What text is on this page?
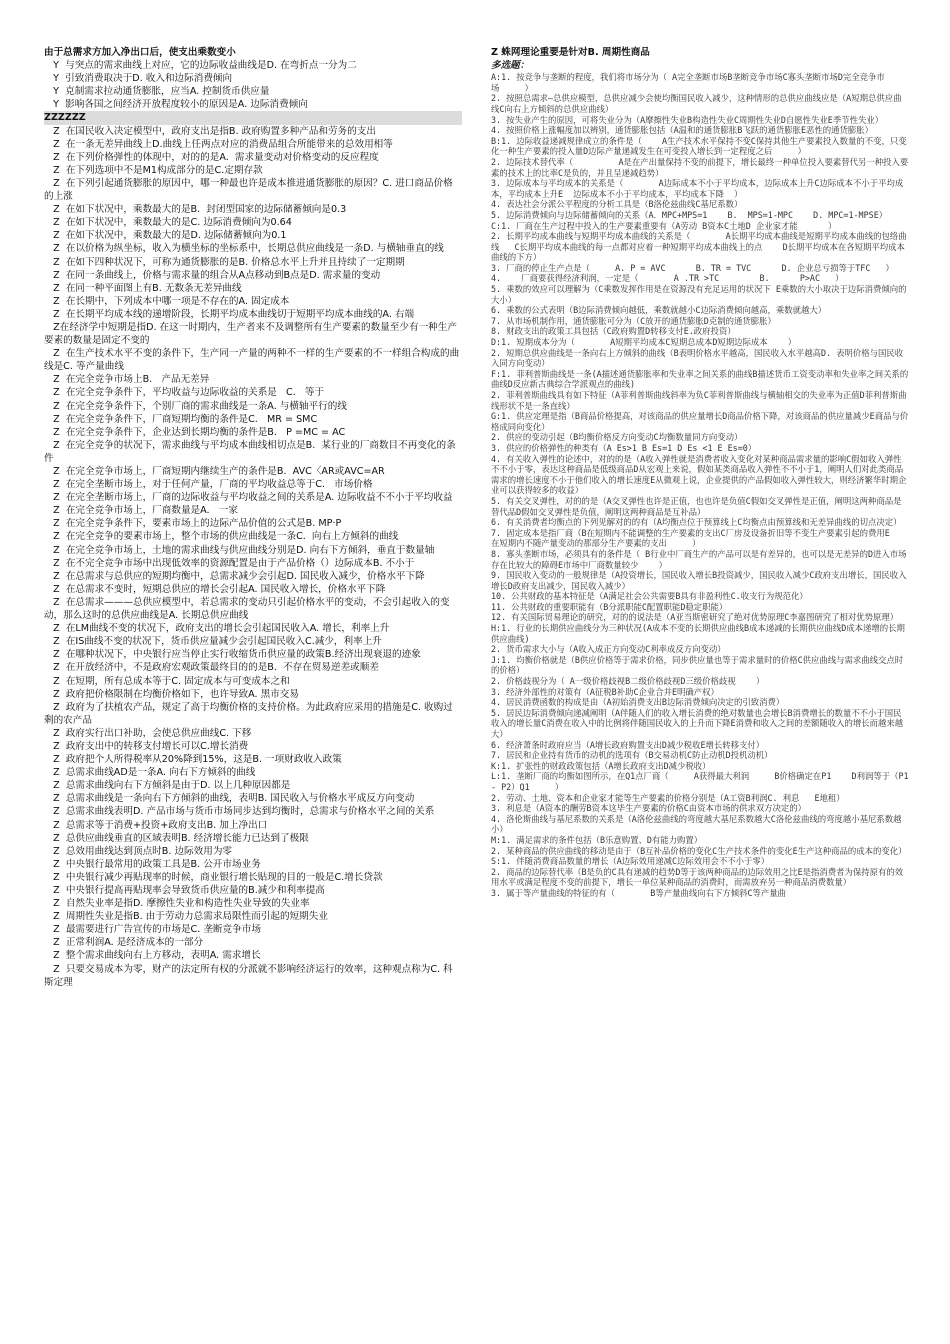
由于总需求方加入净出口后，使支出乘数变小
Y  与突点的需求曲线上对应，它的边际收益曲线是D. 在弯折点一分为二
Y  引致消费取决于D. 收入和边际消费倾向
Y  克制需求拉动通货膨胀，应当A. 控制货币供应量
Y  影响各国之间经济开放程度较小的原因是A. 边际消费倾向
ZZZZZZ
Z  在国民收入决定模型中，政府支出是指B. 政府购置多种产品和劳务的支出
Z  在一条无差异曲线上D.曲线上任两点对应的消费品组合所能带来的总效用相等
Z  在下列价格弹性的体现中，对的的是A.  需求量变动对价格变动的反应程度
Z  在下列选项中不是M1构成部分的是C.定期存款
Z  在下列引起通货膨胀的原因中，哪一种最也许是成本推进通货膨胀的原因？C. 进口商品价格的上涨
Z  在如下状况中，乘数最大的是B.  封闭型国家的边际储蓄倾向是0.3
Z  在如下状况中，乘数最大的是C. 边际消费倾向为0.64
Z  在如下状况中，乘数最大的是D. 边际储蓄倾向为0.1
Z  在以价格为纵坐标，收入为横坐标的坐标系中，长期总供应曲线是一条D. 与横轴垂直的线
Z  在如下四种状况下，可称为通货膨胀的是B. 价格总水平上升并且持续了一定期期
Z  在同一条曲线上，价格与需求量的组合从A点移动到B点是D. 需求量的变动
Z  在同一种平面图上有B. 无数条无差异曲线
Z  在长期中，下列成本中哪一项是不存在的A. 固定成本
Z  在长期平均成本线的递增阶段，长期平均成本曲线切于短期平均成本曲线的A. 右端
Z在经济学中短期是指D. 在这一时期内，生产者来不及调整所有生产要素的数量至少有一种生产要素的数量是固定不变的
Z  在生产技术水平不变的条件下，生产同一产量的两种不一样的生产要素的不一样组合构成的曲线是C. 等产量曲线
Z  在完全竞争市场上B.   产品无差异
Z  在完全竞争条件下，平均收益与边际收益的关系是   C.   等于
Z  在完全竞争条件下，个别厂商的需求曲线是一条A. 与横轴平行的线
Z  在完全竞争条件下，厂商短期均衡的条件是C.   MR = SMC
Z  在完全竞争条件下，企业达到长期均衡的条件是B.   P =MC = AC
Z  在完全竞争的状况下，需求曲线与平均成本曲线相切点是B.  某行业的厂商数目不再变化的条件
Z  在完全竞争市场上，厂商短期内继续生产的条件是B.  AVC〈AR或AVC=AR
Z  在完全垄断市场上，对于任何产量，厂商的平均收益总等于C.   市场价格
Z  在完全垄断市场上，厂商的边际收益与平均收益之间的关系是A. 边际收益不不小于平均收益
Z  在完全竞争市场上，厂商数量是A.   一家
Z  在完全竞争条件下，要素市场上的边际产品价值的公式是B. MP·P
Z  在完全竞争的要素市场上，整个市场的供应曲线是一条C.  向右上方倾斜的曲线
Z  在完全竞争市场上，土地的需求曲线与供应曲线分别是D. 向右下方倾斜，垂直于数量轴
Z  在不完全竞争市场中出现低效率的资源配置是由于产品价格（）边际成本B. 不小于
Z  在总需求与总供应的短期均衡中，总需求减少会引起D. 国民收入减少，价格水平下降
Z  在总需求不变时，短期总供应的增长会引起A. 国民收入增长，价格水平下降
Z  在总需求———总供应模型中，若总需求的变动只引起价格水平的变动，不会引起收入的变动，那么这时的总供应曲线是A. 长期总供应曲线
Z  在LM曲线不变的状况下，政府支出的增长会引起国民收入A. 增长，利率上升
Z  在IS曲线不变的状况下，货币供应量减少会引起国民收入C.减少，利率上升
Z  在哪种状况下，中央银行应当停止实行收缩货币供应量的政策B.经济出现衰退的迹象
Z  在开放经济中，不是政府宏观政策最终目的的是B.  不存在贸易逆差或顺差
Z  在短期，所有总成本等于C. 固定成本与可变成本之和
Z  政府把价格限制在均衡价格如下，也许导致A. 黑市交易
Z  政府为了扶植农产品，规定了高于均衡价格的支持价格。为此政府应采用的措施是C. 收购过剩的农产品
Z  政府实行出口补助，会使总供应曲线C. 下移
Z  政府支出中的转移支付增长可以C.增长消费
Z  政府把个人所得税率从20%降到15%，这是B. 一项财政收入政策
Z  总需求曲线AD是一条A. 向右下方倾斜的曲线
Z  总需求曲线向右下方倾斜是由于D. 以上几种原因都是
Z  总需求曲线是一条向右下方倾斜的曲线，表明B. 国民收入与价格水平成反方向变动
Z  总需求曲线表明D. 产品市场与货币市场同步达到均衡时，总需求与价格水平之间的关系
Z  总需求等于消费+投资+政府支出B. 加上净出口
Z  总供应曲线垂直的区域表明B. 经济增长能力已达到了极限
Z  总效用曲线达到顶点时B. 边际效用为零
Z  中央银行最常用的政策工具是B. 公开市场业务
Z  中央银行减少再贴现率的时候，商业银行增长贴现的目的一般是C.增长贷款
Z  中央银行提高再贴现率会导致货币供应量的B.减少和利率提高
Z  自然失业率是指D. 摩擦性失业和构造性失业导致的失业率
Z  周期性失业是指B. 由于劳动力总需求局限性而引起的短期失业
Z  最需要进行广告宣传的市场是C. 垄断竞争市场
Z  正常利润A. 是经济成本的一部分
Z  整个需求曲线向右上方移动，表明A. 需求增长
Z  只要交易成本为零，财产的法定所有权的分派就不影响经济运行的效率，这种观点称为C. 科斯定理
Z 蛛网理论重要是针对B. 周期性商品
多选题：
A:1. 按竞争与垄断的程度，我们将市场分为（ A完全垄断市场B垄断竞争市场C寡头垄断市场D完全竞争市      场     ）
2. 按照总需求—总供应模型，总供应减少会使均衡国民收入减少，这种情形的总供应曲线应是（A短期总供应曲线C向右上方倾斜的总供应曲线）
3. 按失业产生的原因，可将失业分为（A摩擦性失业B构造性失业C周期性失业D自愿性失业E季节性失业）
4. 按照价格上涨幅度加以辨别，通货膨胀包括（A温和的通货膨胀B飞跃的通货膨胀E恶性的通货膨胀）
B:1. 边际收益递减规律成立的条件是（    A生产技术水平保持不变C保持其他生产要素投入数量的不变，只变化一种生产要素的投入量D边际产量递减发生在可变投入增长到一定程度之后     ）
2. 边际技术替代率（         A是在产出量保持不变的前提下，增长最终一种单位投入要素替代另一种投入要素的技术上的比率C是负的，并且呈递减趋势）
3. 边际成本与平均成本的关系是（       A边际成本不小于平均成本，边际成本上升C边际成本不小于平均成本，平均成本上升E  边际成本不小于平均成本，平均成本下降  ）
4. 表达社会分派公平程度的分析工具是（B洛伦兹曲线C基尼系数）
5. 边际消费倾向与边际储蓄倾向的关系（A．MPC+MPS=1    B.  MPS=1-MPC    D. MPC=1-MPSE）
C:1. 厂商在生产过程中投入的生产要素重要有（A劳动 B资本C土地D 企业家才能      ）
2. 长期平均成本曲线与短期平均成本曲线的关系是（       A长期平均成本曲线是短期平均成本曲线的包络曲线   C长期平均成本曲线的每一点都对应着一种短期平均成本曲线上的点    D长期平均成本在各短期平均成本曲线的下方）
3. 厂商的停止生产点是（     A. P = AVC      B. TR = TVC      D. 企业总亏损等于TFC   ）
4.    厂商要获得经济利润，一定是（       A .TR >TC        B.      P>AC   ）
5. 乘数的效应可以理解为（C乘数发挥作用是在资源没有充足运用的状况下 E乘数的大小取决于边际消费倾向的大小）
6. 乘数的公式表明（B边际消费倾向越低，乘数就越小C边际消费倾向越高，乘数就越大）
7. 从市场机制作用，通货膨胀可分为（C放开的通货膨胀D克制的通货膨胀）
8. 财政支出的政策工具包括（C政府购置D转移支付E.政府投资）
D:1. 短期成本分为（       A短期平均成本C短期总成本D短期边际成本    ）
2. 短期总供应曲线是一条向右上方倾斜的曲线（B表明价格水平越高，国民收入水平越高D. 表明价格与国民收入同方向变动）
F:1. 菲利普斯曲线是一条(A描述通货膨胀率和失业率之间关系的曲线B描述货币工资变动率和失业率之间关系的曲线D反应新古典综合学派观点的曲线)
2. 菲利普斯曲线具有如下特征（A菲利普斯曲线斜率为负C菲利普斯曲线与横轴相交的失业率为正值D菲利普斯曲线形状不是一条直线）
G:1. 供应定理是指（B商品价格提高，对该商品的供应量增长D商品价格下降，对该商品的供应量减少E商品与价格成同向变化）
2. 供应的变动引起（B均衡价格反方向变动C均衡数量同方向变动）
3. 供应的价格弹性的种类有（A Es>1 B Es=1 D Es <1 E Es=0）
4. 有关收入弹性的论述中，对的的是（A收入弹性就是消费者收入变化对某种商品需求量的影响C假如收入弹性不不小于零，表达这种商品是低级商品D从宏观上来说，假如某类商品收入弹性不不小于1，阐明人们对此类商品需求的增长速度不小于他们收入的增长速度E从微观上说，企业提供的产品假如收入弹性较大，则经济繁华时期企业可以获得较多的收益）
5. 有关交叉弹性，对的的是（A交叉弹性也许是正值，也也许是负值C假如交叉弹性是正值，阐明这两种商品是替代品D假如交叉弹性是负值，阐明这两种商品是互补品）
6. 有关消费者均衡点的下列见解对的的有（A均衡点位于预算线上C均衡点由预算线和无差异曲线的切点决定）
7. 固定成本是指厂商（B在短期内不能调整的生产要素的支出C厂房及设备折旧等不变生产要素引起的费用E     在短期内不随产量变动的那部分生产要素的支出     ）
8. 寡头垄断市场，必须具有的条件是（ B行业中厂商生产的产品可以是有差异的，也可以是无差异的D进入市场存在比较大的障碍E市场中厂商数量较少    ）
9. 国民收入变动的一般规律是（A投资增长，国民收入增长B投资减少，国民收入减少C政府支出增长，国民收入增长D政府支出减少，国民收入减少）
10. 公共财政的基本特征是（A满足社会公共需要B具有非盈利性C.收支行为规范化）
11. 公共财政的重要职能有（B分派职能C配置职能D稳定职能）
12. 有关国际贸易理论的研究，对的的说法是（A亚当斯密研究了绝对优势原理C李嘉图研究了相对优势原理）
H:1. 行业的长期供应曲线分为三种状况(A成本不变的长期供应曲线B成本递减的长期供应曲线D成本递增的长期供应曲线)
2. 货币需求大小与（A收入成正方向变动C利率成反方向变动）
J:1. 均衡价格就是（B供应价格等于需求价格，同步供应量也等于需求量时的价格C供应曲线与需求曲线交点时的价格）
2. 价格歧视分为（ A一级价格歧视B二级价格歧视D三级价格歧视    ）
3. 经济外部性的对策有（A征税B补助C企业合并E明确产权）
4. 居民消费函数的构成是由（A初始消费支出B边际消费倾向决定的引致消费）
5. 居民边际消费倾向递减阐明（A伴随人们的收入增长消费的绝对数量也会增长B消费增长的数量不不小于国民收入的增长量C消费在收入中的比例将伴随国民收入的上升而下降E消费和收入之间的差额随收入的增长而越来越大）
6. 经济萧条时政府应当（A增长政府购置支出D减少税收E增长转移支付）
7. 居民和企业持有货币的动机的选项有（B交易动机C防止动机D投机动机）
K:1. 扩张性的财政政策包括（A增长政府支出D减少税收）
L:1. 垄断厂商的均衡如图所示，在Q1点厂商（     A获得最大利润     B价格确定在P1    D利润等于（P1 - P2）Q1     ）
2. 劳动、土地、资本和企业家才能等生产要素的价格分别是（A工资B利润C. 利息   E地租）
3. 利息是（A资本的酬劳B资本这毕生产要素的价格C由资本市场的供求双方决定的）
4. 洛伦斯曲线与基尼系数的关系是（A洛伦兹曲线的弯度越大基尼系数越大C洛伦兹曲线的弯度越小基尼系数越小）
M:1. 满足需求的条件包括（B乐意购置、D有能力购置）
2. 某种商品的供应曲线的移动是由于（B互补品价格的变化C生产技术条件的变化E生产这种商品的成本的变化）
S:1. 伴随消费商品数量的增长（A边际效用递减C边际效用会不不小于零）
2. 商品的边际替代率（B是负的C具有递减的趋势D等于该两种商品的边际效用之比E是指消费者为保持原有的效用水平或满足程度不变的前提下，增长一单位某种商品的消费时，而需放弃另一种商品消费数量）
3. 属于等产量曲线的特征的有（       B等产量曲线向右下方倾斜C等产量曲
